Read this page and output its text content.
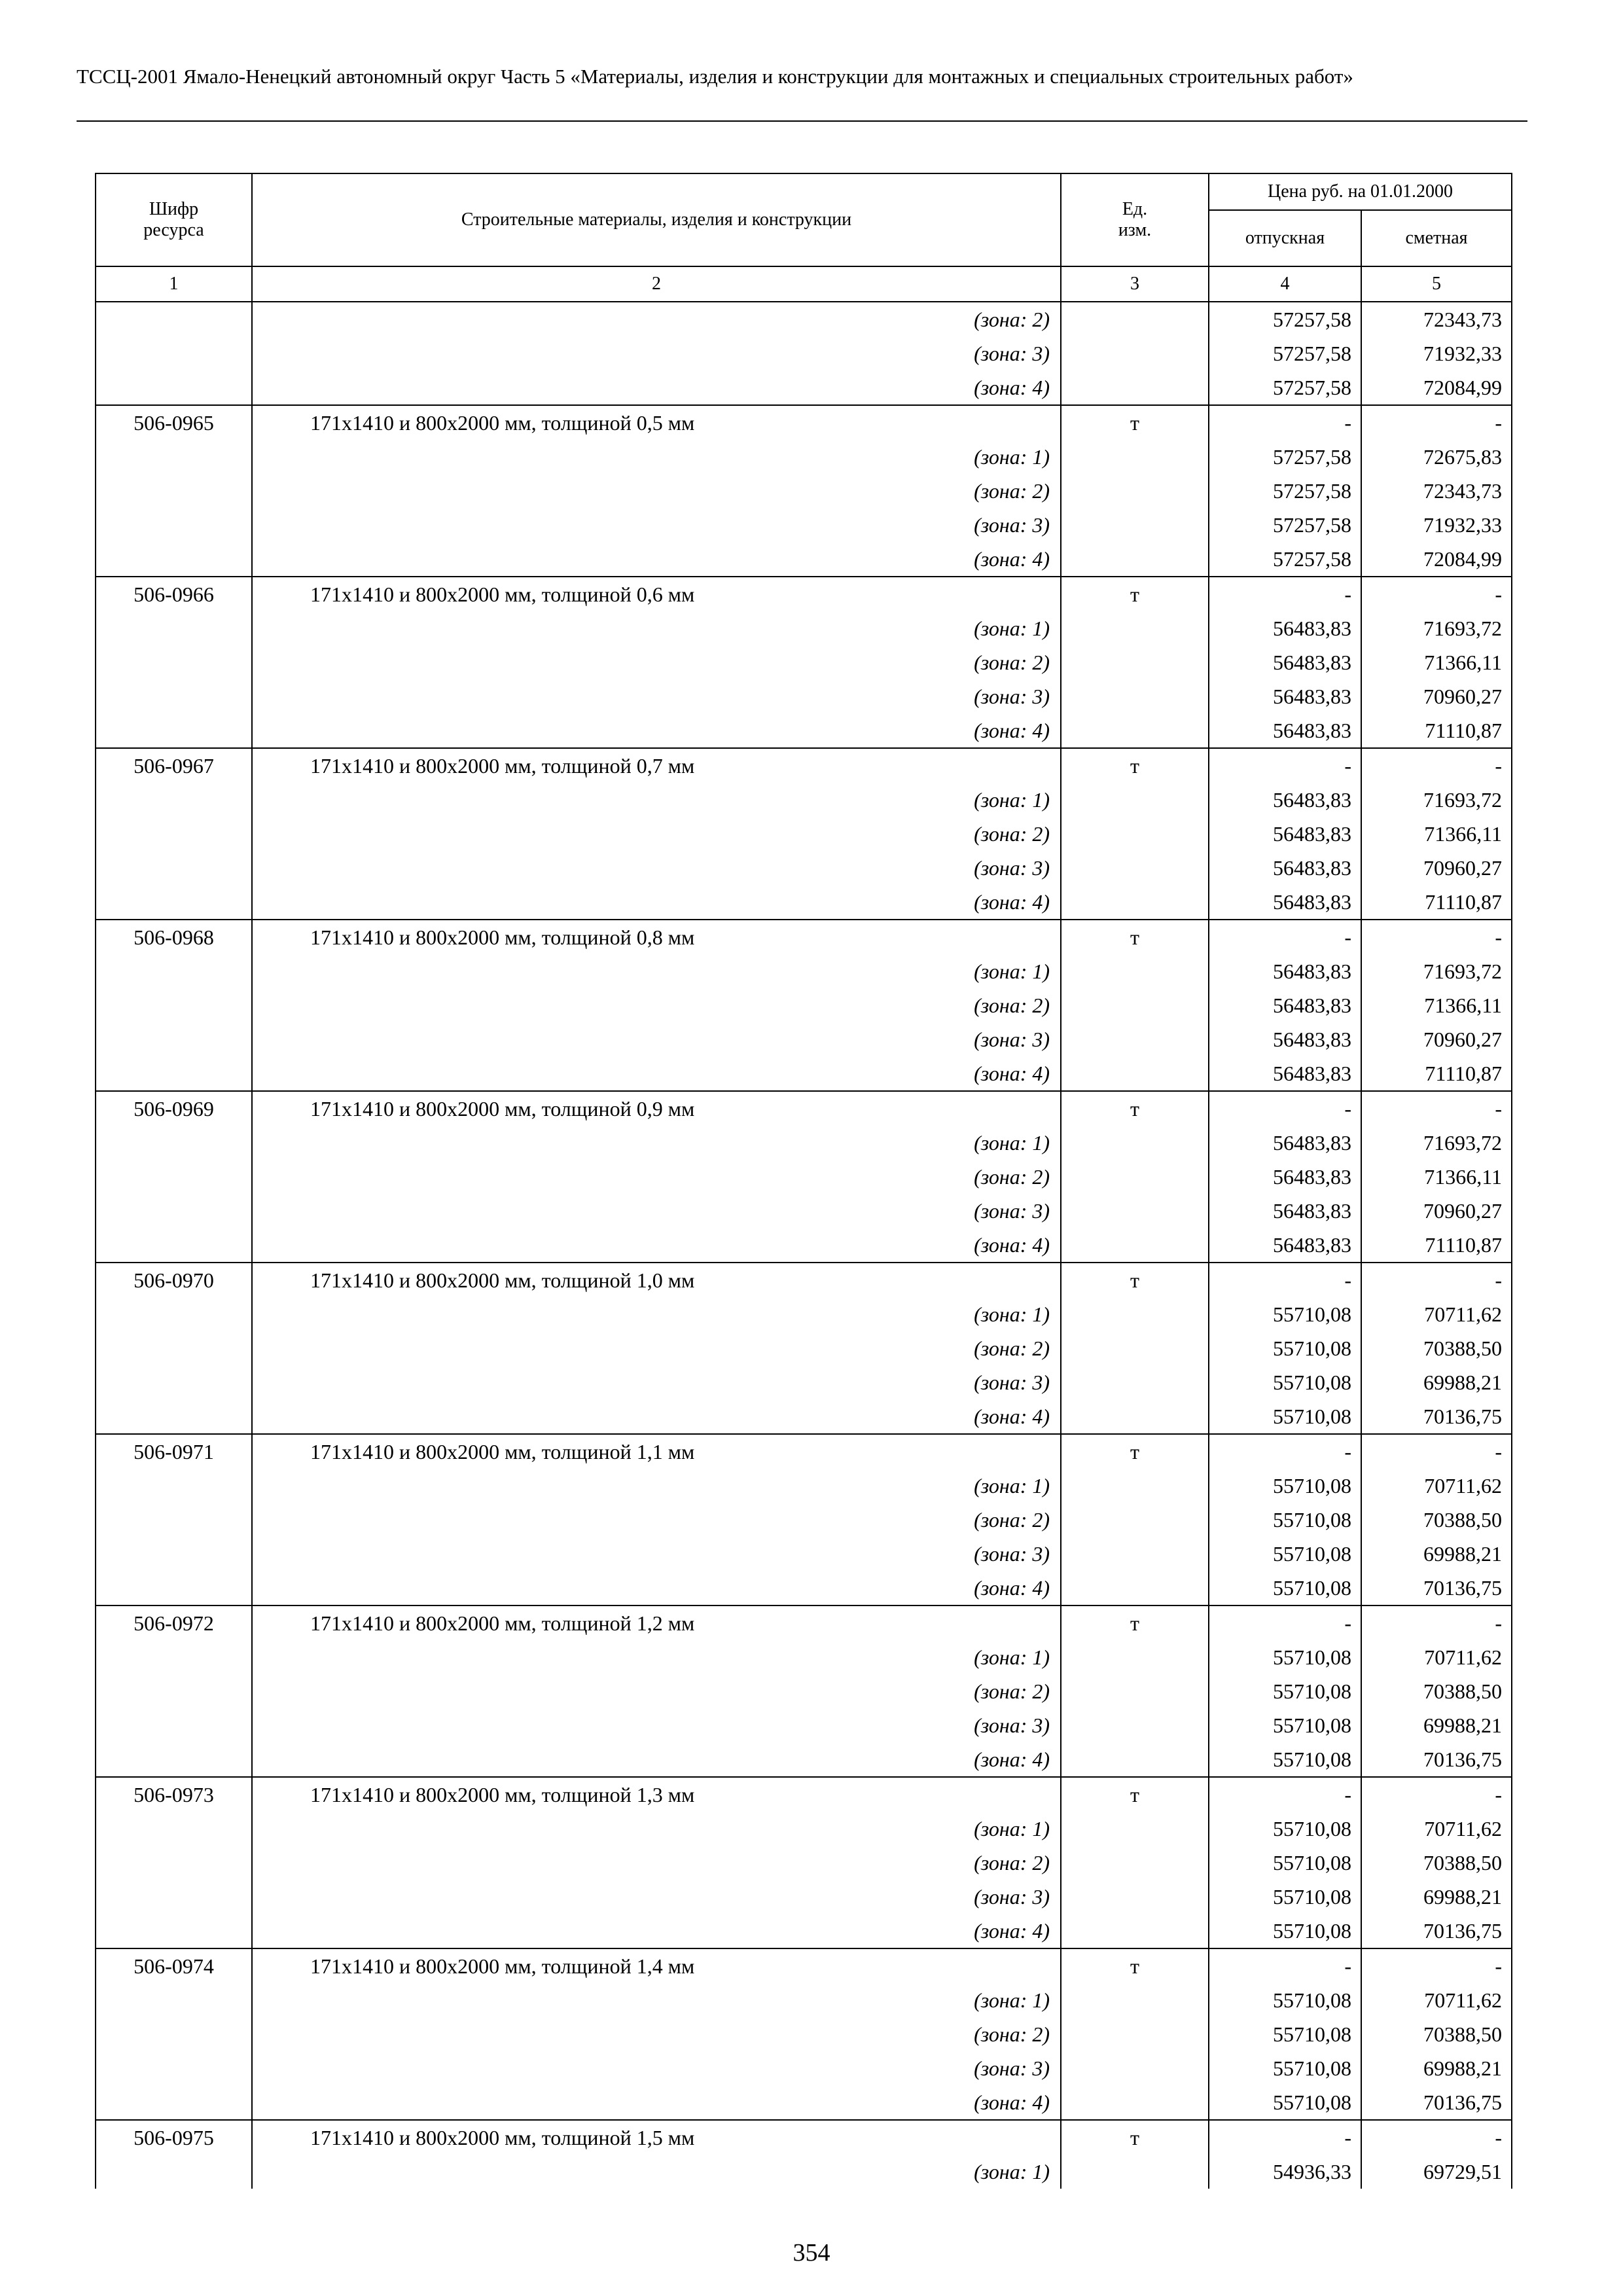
ТССЦ-2001 Ямало-Ненецкий автономный округ Часть 5 «Материалы, изделия и конструкции для монтажных и специальных строительных работ»
Шифр ресурса	Строительные материалы, изделия и конструкции	Ед. изм.	Цена руб. на 01.01.2000	
			отпускная	сметная
1	2	3	4	5
	(зона: 2)		57257,58	72343,73
	(зона: 3)		57257,58	71932,33
	(зона: 4)		57257,58	72084,99
506-0965	171x1410 и 800x2000 мм, толщиной 0,5 мм	т	-	-
	(зона: 1)		57257,58	72675,83
	(зона: 2)		57257,58	72343,73
	(зона: 3)		57257,58	71932,33
	(зона: 4)		57257,58	72084,99
506-0966	171x1410 и 800x2000 мм, толщиной 0,6 мм	т	-	-
	(зона: 1)		56483,83	71693,72
	(зона: 2)		56483,83	71366,11
	(зона: 3)		56483,83	70960,27
	(зона: 4)		56483,83	71110,87
506-0967	171x1410 и 800x2000 мм, толщиной 0,7 мм	т	-	-
	(зона: 1)		56483,83	71693,72
	(зона: 2)		56483,83	71366,11
	(зона: 3)		56483,83	70960,27
	(зона: 4)		56483,83	71110,87
506-0968	171x1410 и 800x2000 мм, толщиной 0,8 мм	т	-	-
	(зона: 1)		56483,83	71693,72
	(зона: 2)		56483,83	71366,11
	(зона: 3)		56483,83	70960,27
	(зона: 4)		56483,83	71110,87
506-0969	171x1410 и 800x2000 мм, толщиной 0,9 мм	т	-	-
	(зона: 1)		56483,83	71693,72
	(зона: 2)		56483,83	71366,11
	(зона: 3)		56483,83	70960,27
	(зона: 4)		56483,83	71110,87
506-0970	171x1410 и 800x2000 мм, толщиной 1,0 мм	т	-	-
	(зона: 1)		55710,08	70711,62
	(зона: 2)		55710,08	70388,50
	(зона: 3)		55710,08	69988,21
	(зона: 4)		55710,08	70136,75
506-0971	171x1410 и 800x2000 мм, толщиной 1,1 мм	т	-	-
	(зона: 1)		55710,08	70711,62
	(зона: 2)		55710,08	70388,50
	(зона: 3)		55710,08	69988,21
	(зона: 4)		55710,08	70136,75
506-0972	171x1410 и 800x2000 мм, толщиной 1,2 мм	т	-	-
	(зона: 1)		55710,08	70711,62
	(зона: 2)		55710,08	70388,50
	(зона: 3)		55710,08	69988,21
	(зона: 4)		55710,08	70136,75
506-0973	171x1410 и 800x2000 мм, толщиной 1,3 мм	т	-	-
	(зона: 1)		55710,08	70711,62
	(зона: 2)		55710,08	70388,50
	(зона: 3)		55710,08	69988,21
	(зона: 4)		55710,08	70136,75
506-0974	171x1410 и 800x2000 мм, толщиной 1,4 мм	т	-	-
	(зона: 1)		55710,08	70711,62
	(зона: 2)		55710,08	70388,50
	(зона: 3)		55710,08	69988,21
	(зона: 4)		55710,08	70136,75
506-0975	171x1410 и 800x2000 мм, толщиной 1,5 мм	т	-	-
	(зона: 1)		54936,33	69729,51
354
